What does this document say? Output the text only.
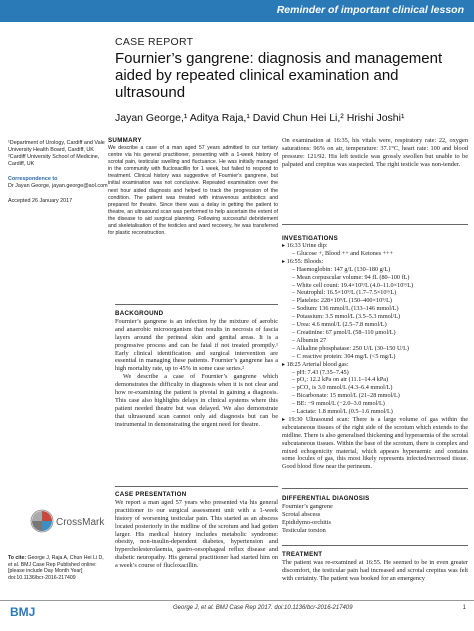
Reminder of important clinical lesson
CASE REPORT
Fournier’s gangrene: diagnosis and management aided by repeated clinical examination and ultrasound
Jayan George,¹ Aditya Raja,¹ David Chun Hei Li,² Hrishi Joshi¹

¹Department of Urology, Cardiff and Vale University Health Board, Cardiff, UK ²Cardiff University School of Medicine, Cardiff, UK

Correspondence to

Dr Jayan George, jayan.george@aol.com

Accepted 26 January 2017

SUMMARY

We describe a case of a man aged 57 years admitted to our tertiary centre via his general practitioner, presenting with a 1-week history of scrotal pain, testicular swelling and fluctuance. He was initially managed in the community with flucloxacillin for 1 week, but failed to respond to treatment. Clinical history was suggestive of Fournier’s gangrene, but initial examination was not conclusive. Repeated examination over the next hour aided diagnosis and helped to track the progression of the condition. The patient was treated with intravenous antibiotics and prepared for theatre. Since there was a delay in getting the patient to theatre, an ultrasound scan was performed to help ascertain the extent of the disease to aid surgical planning. Following successful debridement and skeletalisation of the testicles and ward recovery, he was transferred for plastic reconstruction.

On examination at 16:35, his vitals were, respiratory rate: 22, oxygen saturations: 96% on air, temperature: 37.1°C, heart rate: 100 and blood pressure: 121/92. His left testicle was grossly swollen but unable to be palpated and crepitus was suspected. The right testicle was non-tender.

INVESTIGATIONS
▸ 16:33 Urine dip:
– Glucose +, Blood ++ and Ketones +++
▸ 16:55: Bloods:
– Haemoglobin: 147 g/L (130–180 g/L)
– Mean corpuscular volume: 94 fL (80–100 fL)
– White cell count: 19.4×10⁹/L (4.0–11.0×10⁹/L)
– Neutrophil: 16.5×10⁹/L (1.7–7.5×10⁹/L)
– Platelets: 228×10⁹/L (150–400×10⁹/L)
– Sodium: 136 mmol/L (133–146 mmol/L)
– Potassium: 3.5 mmol/L (3.5–5.3 mmol/L)
– Urea: 4.6 mmol/L (2.5–7.8 mmol/L)
– Creatinine: 67 μmol/L (58–110 μmol/L)
– Albumin 27
– Alkaline phosphatase: 250 U/L (30–150 U/L)
– C reactive protein: 304 mg/L (<5 mg/L)
▸ 18:25 Arterial blood gas:
– pH: 7.43 (7.35–7.45)
– pO₂: 12.2 kPa on air (11.1–14.4 kPa)
– pCO₂ is 3.0 mmol/L (4.3–6.4 mmol/L)
– Bicarbonate: 15 mmol/L (21–28 mmol/L)
– BE: −9 mmol/L (−2.0–3.0 mmol/L)
– Lactate: 1.8 mmol/L (0.5–1.6 mmol/L)
▸ 19:30 Ultrasound scan: There is a large volume of gas within the subcutaneous tissues of the right side of the scrotum which extends to the midline. There is also generalised thickening and hyperaemia of the scrotal subcutaneous tissues. Within the base of the scrotum, there is complex and mixed echogenicity material, which appears hyperaemic and contains some locules of gas, this most likely represents infected/necrosed tissue. Good blood flow near the perineum.
BACKGROUND

Fournier’s gangrene is an infection by the mixture of aerobic and anaerobic microorganism that results in necrosis of fascia layers around the perineal skin and genital areas. It is a progressive process and can be fatal if not treated promptly.¹ Early clinical identification and surgical intervention are essential in managing these patients. Fournier’s gangrene has a high mortality rate, up to 45% in some case series.²

We describe a case of Fournier’s gangrene which demonstrates the difficulty in diagnosis when it is not clear and how re-examining the patient is pivotal in gaining a diagnosis. This case also highlights delays in clinical systems where this patient needed theatre but was delayed. We also demonstrate that ultrasound scan cannot only aid diagnosis but can be instrumental in demonstrating the urgent need for theatre.

CASE PRESENTATION

We report a man aged 57 years who presented via his general practitioner to our surgical assessment unit with a 1-week history of worsening testicular pain. This started as an abscess located posteriorly in the midline of the scrotum and had gotten larger. His medical history includes metabolic syndrome: obesity, non-insulin-dependent diabetes, hypertension and hypercholesterolaemia, gastro-oesophageal reflux disease and diabetic neuropathy. His general practitioner had started him on a week’s course of flucloxacillin.

DIFFERENTIAL DIAGNOSIS

Fournier’s gangrene

Scrotal abscess

Epididymo-orchitis

Testicular torsion

TREATMENT

The patient was re-examined at 16:55. He seemed to be in even greater discomfort, the testicular pain had increased and scrotal crepitus was felt with certainty. The patient was booked for an emergency

CrossMark
To cite: George J, Raja A, Chun Hei Li D, et al. BMJ Case Rep Published online: [please include Day Month Year] doi:10.1136/bcr-2016-217409
BMJ	George J, et al. BMJ Case Rep 2017. doi:10.1136/bcr-2016-217409	1
